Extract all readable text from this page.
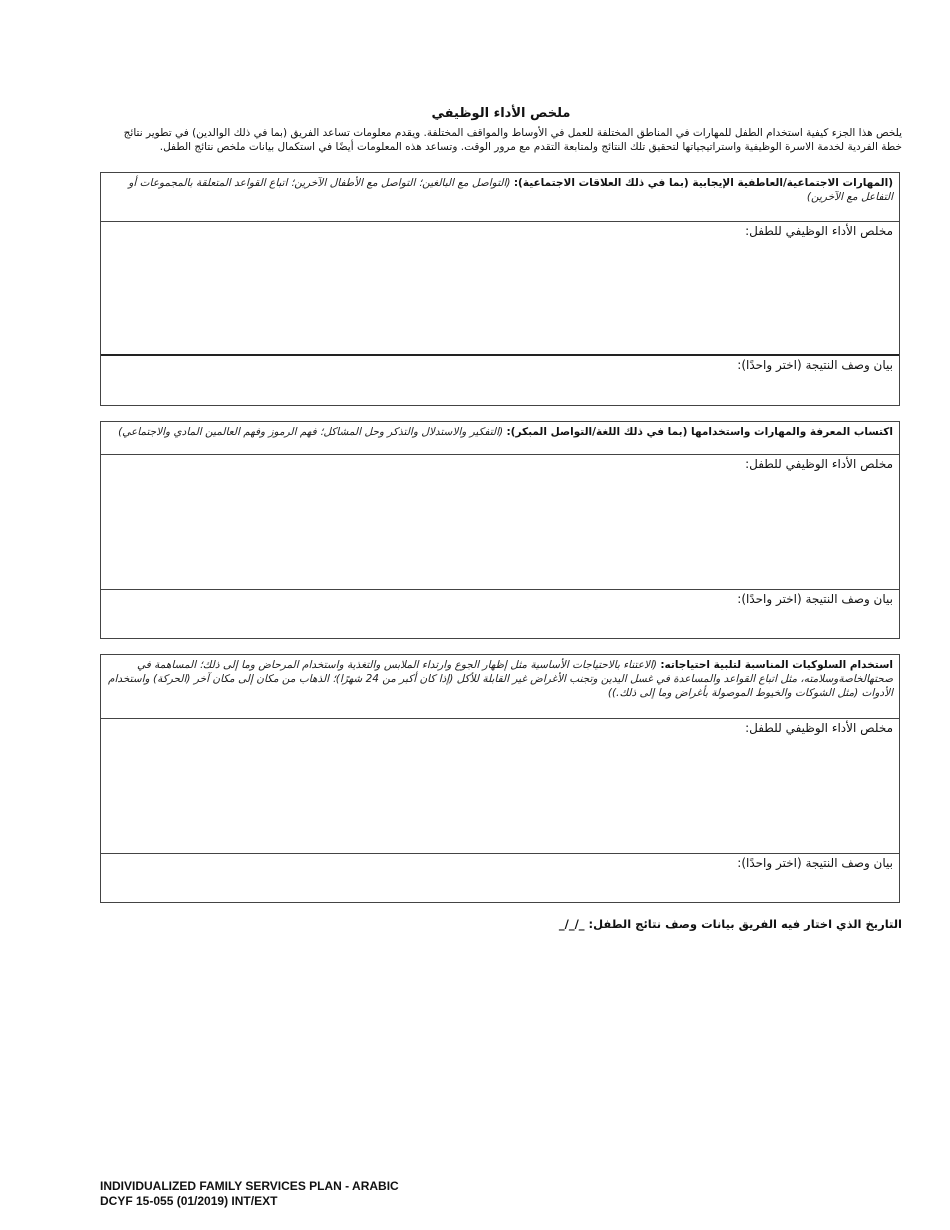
ملخص الأداء الوظيفي
يلخص هذا الجزء كيفية استخدام الطفل للمهارات في المناطق المختلفة للعمل في الأوساط والمواقف المختلفة. ويقدم معلومات تساعد الفريق (بما في ذلك الوالدين) في تطوير نتائج خطة الفردية لخدمة الاسرة الوظيفية واستراتيجياتها لتحقيق تلك النتائج ولمتابعة التقدم مع مرور الوقت. وتساعد هذه المعلومات أيضًا في استكمال بيانات ملخص نتائج الطفل.
(المهارات الاجتماعية/العاطفية الإيجابية (بما في ذلك العلاقات الاجتماعية): (التواصل مع البالغين؛ التواصل مع الأطفال الآخرين؛ اتباع القواعد المتعلقة بالمجموعات أو التفاعل مع الآخرين)
مخلص الأداء الوظيفي للطفل:
بيان وصف النتيجة (اختر واحدًا):
اكتساب المعرفة والمهارات واستخدامها (بما في ذلك اللغة/التواصل المبكر): (التفكير والاستدلال والتذكر وحل المشاكل؛ فهم الرموز وفهم العالمين المادي والاجتماعي)
مخلص الأداء الوظيفي للطفل:
بيان وصف النتيجة (اختر واحدًا):
استخدام السلوكيات المناسبة لتلبية احتياجاته: (الاعتناء بالاحتياجات الأساسية مثل إظهار الجوع وارتداء الملابس والتغذية واستخدام المرحاض وما إلى ذلك؛ المساهمة في صحتهالخاصةوسلامته، مثل اتباع القواعد والمساعدة في غسل اليدين وتجنب الأغراض غير القابلة للأكل (إذا كان أكبر من 24 شهرًا)؛ الذهاب من مكان إلى مكان آخر (الحركة) واستخدام الأدوات (مثل الشوكات والخيوط الموصولة بأغراض وما إلى ذلك.))
مخلص الأداء الوظيفي للطفل:
بيان وصف النتيجة (اختر واحدًا):
التاريخ الذي اختار فيه الفريق بيانات وصف نتائج الطفل: _/_/_
INDIVIDUALIZED FAMILY SERVICES PLAN - ARABIC
DCYF 15-055 (01/2019) INT/EXT
